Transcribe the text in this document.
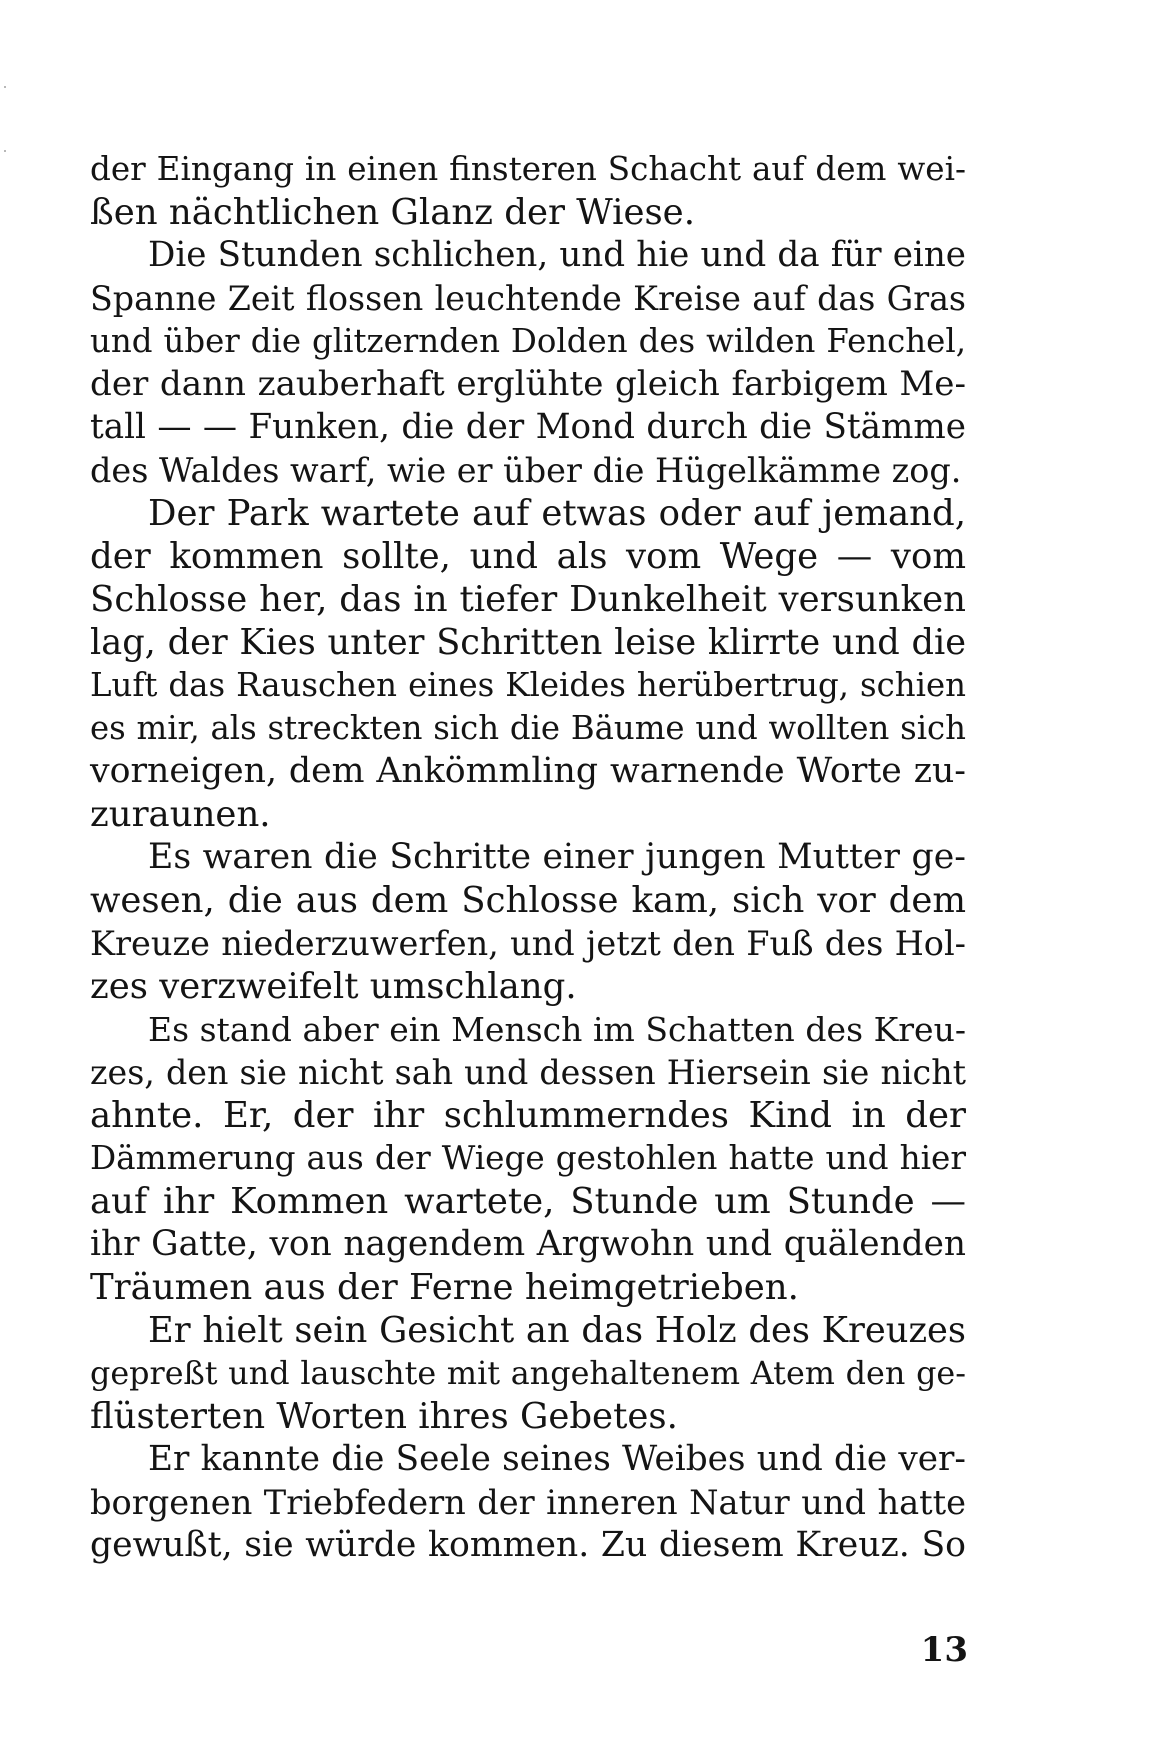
der Eingang in einen finsteren Schacht auf dem wei-
ßen nächtlichen Glanz der Wiese.
Die Stunden schlichen, und hie und da für eine
Spanne Zeit flossen leuchtende Kreise auf das Gras
und über die glitzernden Dolden des wilden Fenchel,
der dann zauberhaft erglühte gleich farbigem Me-
tall — — Funken, die der Mond durch die Stämme
des Waldes warf, wie er über die Hügelkämme zog.
Der Park wartete auf etwas oder auf jemand,
der kommen sollte, und als vom Wege — vom
Schlosse her, das in tiefer Dunkelheit versunken
lag, der Kies unter Schritten leise klirrte und die
Luft das Rauschen eines Kleides herübertrug, schien
es mir, als streckten sich die Bäume und wollten sich
vorneigen, dem Ankömmling warnende Worte zu-
zuraunen.
Es waren die Schritte einer jungen Mutter ge-
wesen, die aus dem Schlosse kam, sich vor dem
Kreuze niederzuwerfen, und jetzt den Fuß des Hol-
zes verzweifelt umschlang.
Es stand aber ein Mensch im Schatten des Kreu-
zes, den sie nicht sah und dessen Hiersein sie nicht
ahnte. Er, der ihr schlummerndes Kind in der
Dämmerung aus der Wiege gestohlen hatte und hier
auf ihr Kommen wartete, Stunde um Stunde —
ihr Gatte, von nagendem Argwohn und quälenden
Träumen aus der Ferne heimgetrieben.
Er hielt sein Gesicht an das Holz des Kreuzes
gepreßt und lauschte mit angehaltenem Atem den ge-
flüsterten Worten ihres Gebetes.
Er kannte die Seele seines Weibes und die ver-
borgenen Triebfedern der inneren Natur und hatte
gewußt, sie würde kommen. Zu diesem Kreuz. So
13
